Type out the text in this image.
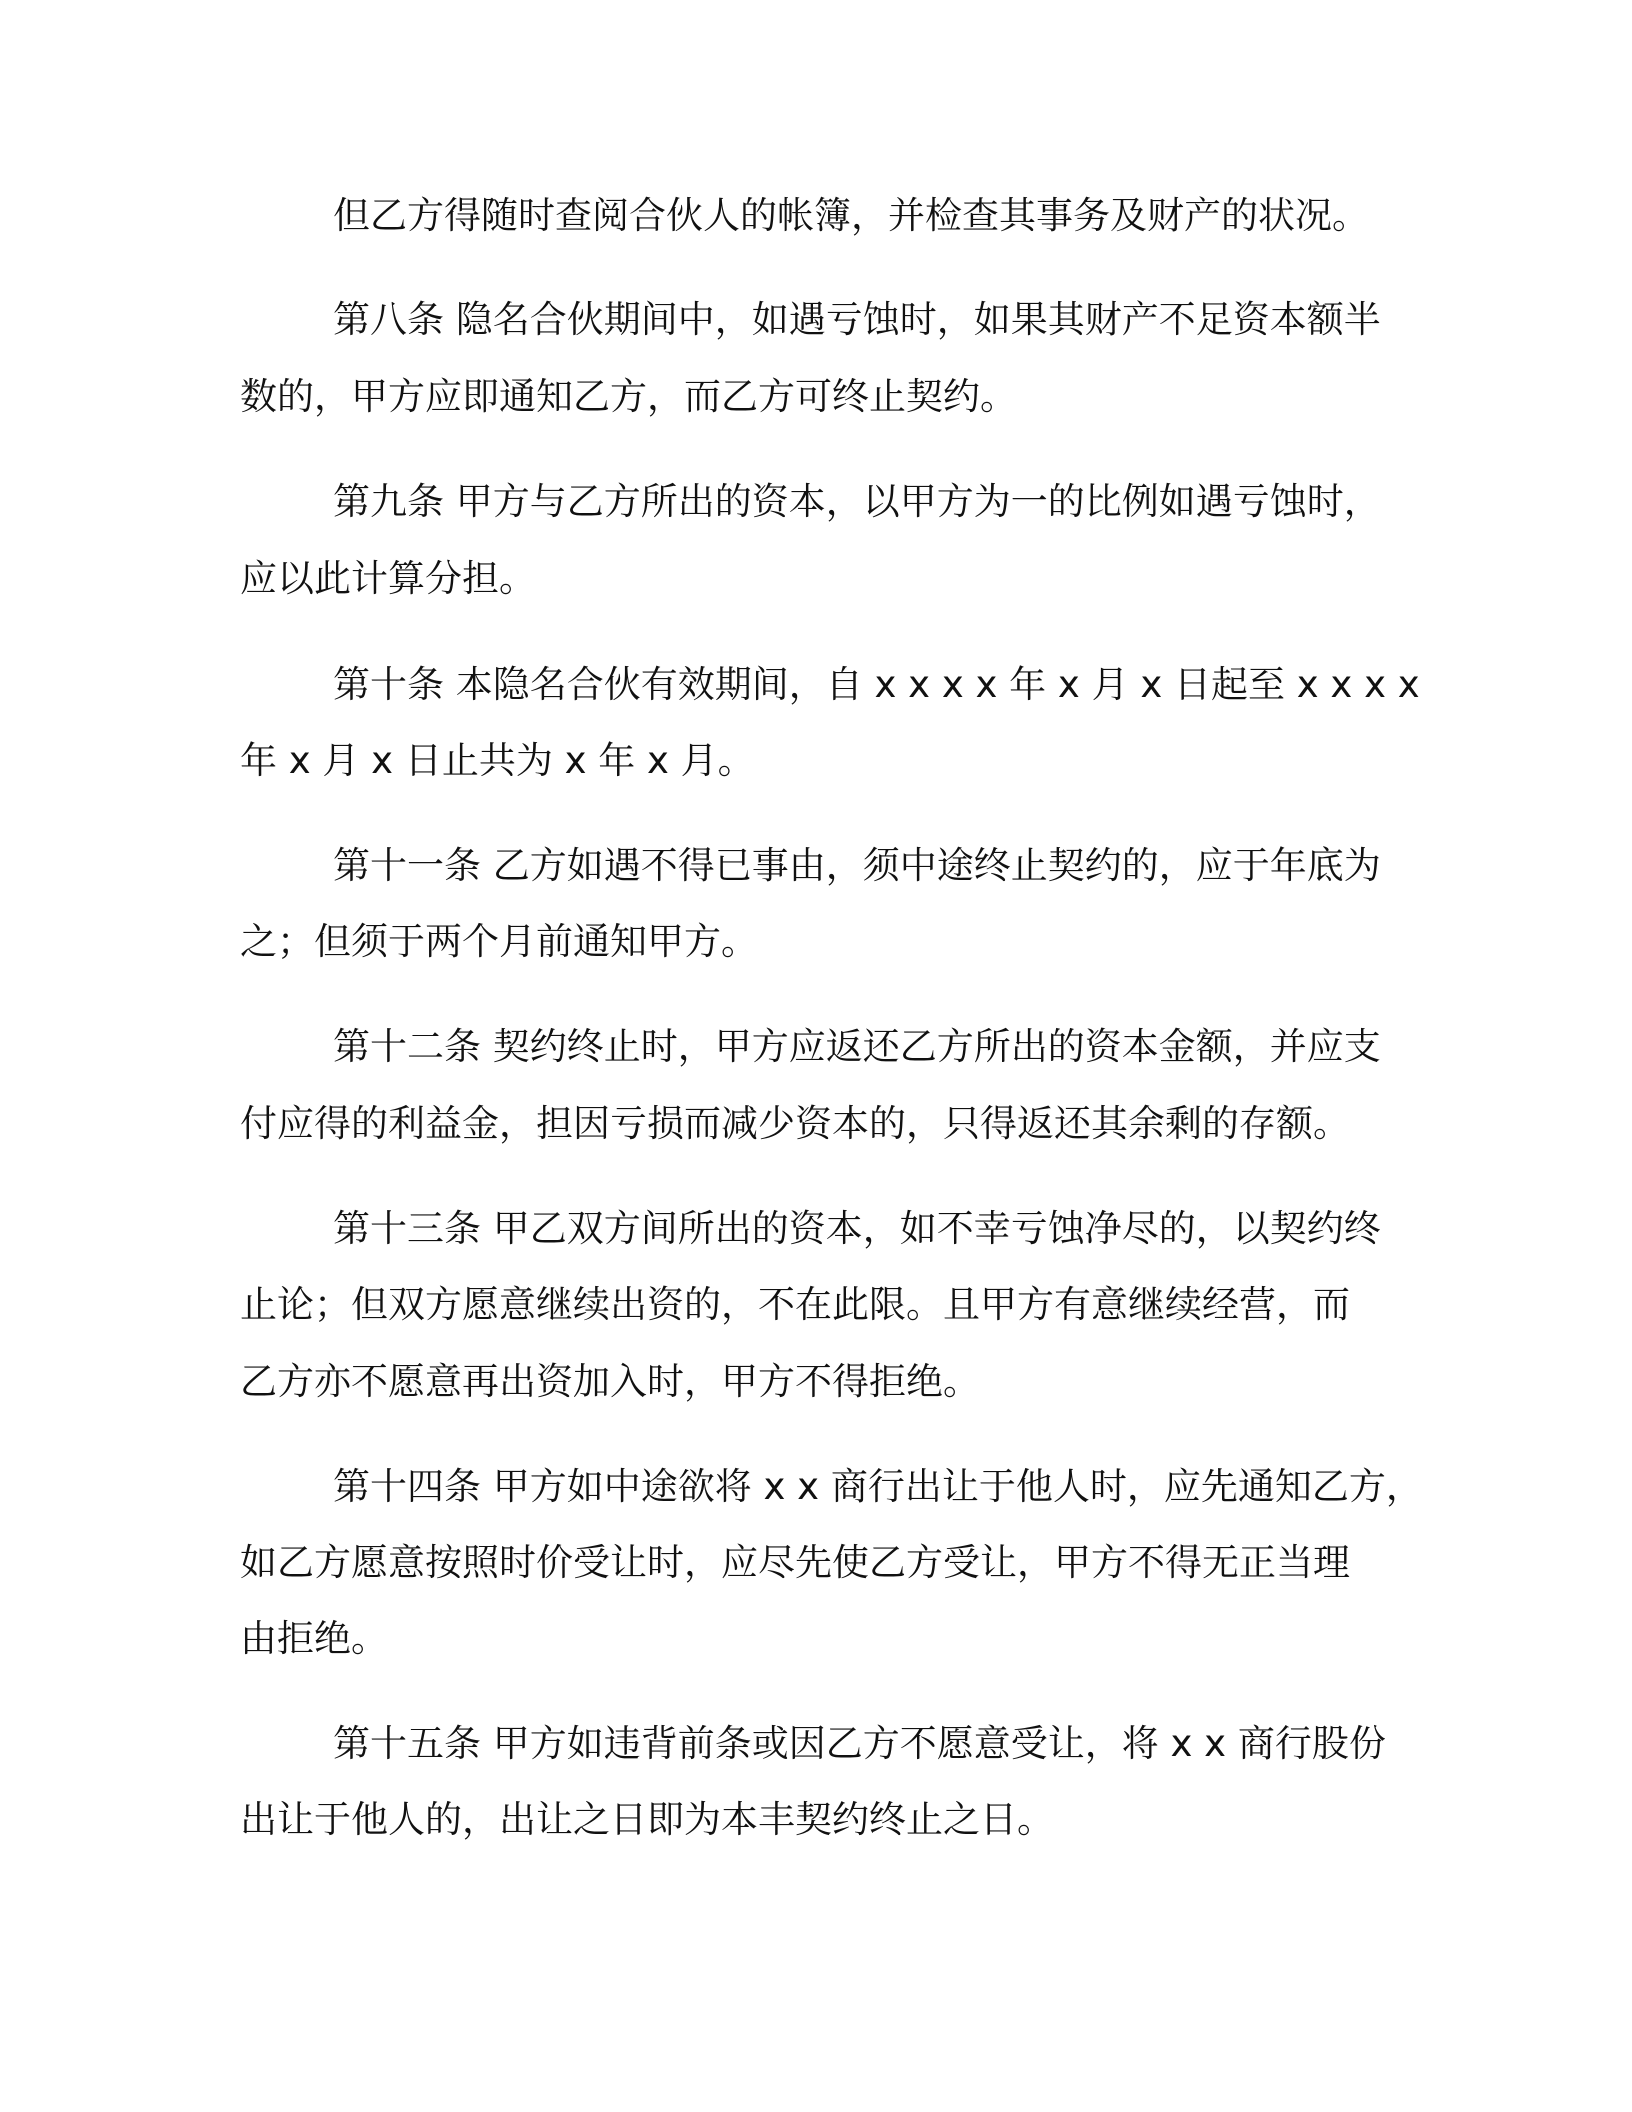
但乙方得随时查阅合伙人的帐簿，并检查其事务及财产的状况。
第八条 隐名合伙期间中，如遇亏蚀时，如果其财产不足资本额半
数的，甲方应即通知乙方，而乙方可终止契约。
第九条 甲方与乙方所出的资本，以甲方为一的比例如遇亏蚀时，
应以此计算分担。
第十条 本隐名合伙有效期间，自 x x x x 年 x 月 x 日起至 x x x x
年 x 月 x 日止共为 x 年 x 月。
第十一条 乙方如遇不得已事由，须中途终止契约的，应于年底为
之；但须于两个月前通知甲方。
第十二条 契约终止时，甲方应返还乙方所出的资本金额，并应支
付应得的利益金，担因亏损而减少资本的，只得返还其余剩的存额。
第十三条 甲乙双方间所出的资本，如不幸亏蚀净尽的，以契约终
止论；但双方愿意继续出资的，不在此限。且甲方有意继续经营，而
乙方亦不愿意再出资加入时，甲方不得拒绝。
第十四条 甲方如中途欲将 x x 商行出让于他人时，应先通知乙方，
如乙方愿意按照时价受让时，应尽先使乙方受让，甲方不得无正当理
由拒绝。
第十五条 甲方如违背前条或因乙方不愿意受让，将 x x 商行股份
出让于他人的，出让之日即为本丰契约终止之日。
